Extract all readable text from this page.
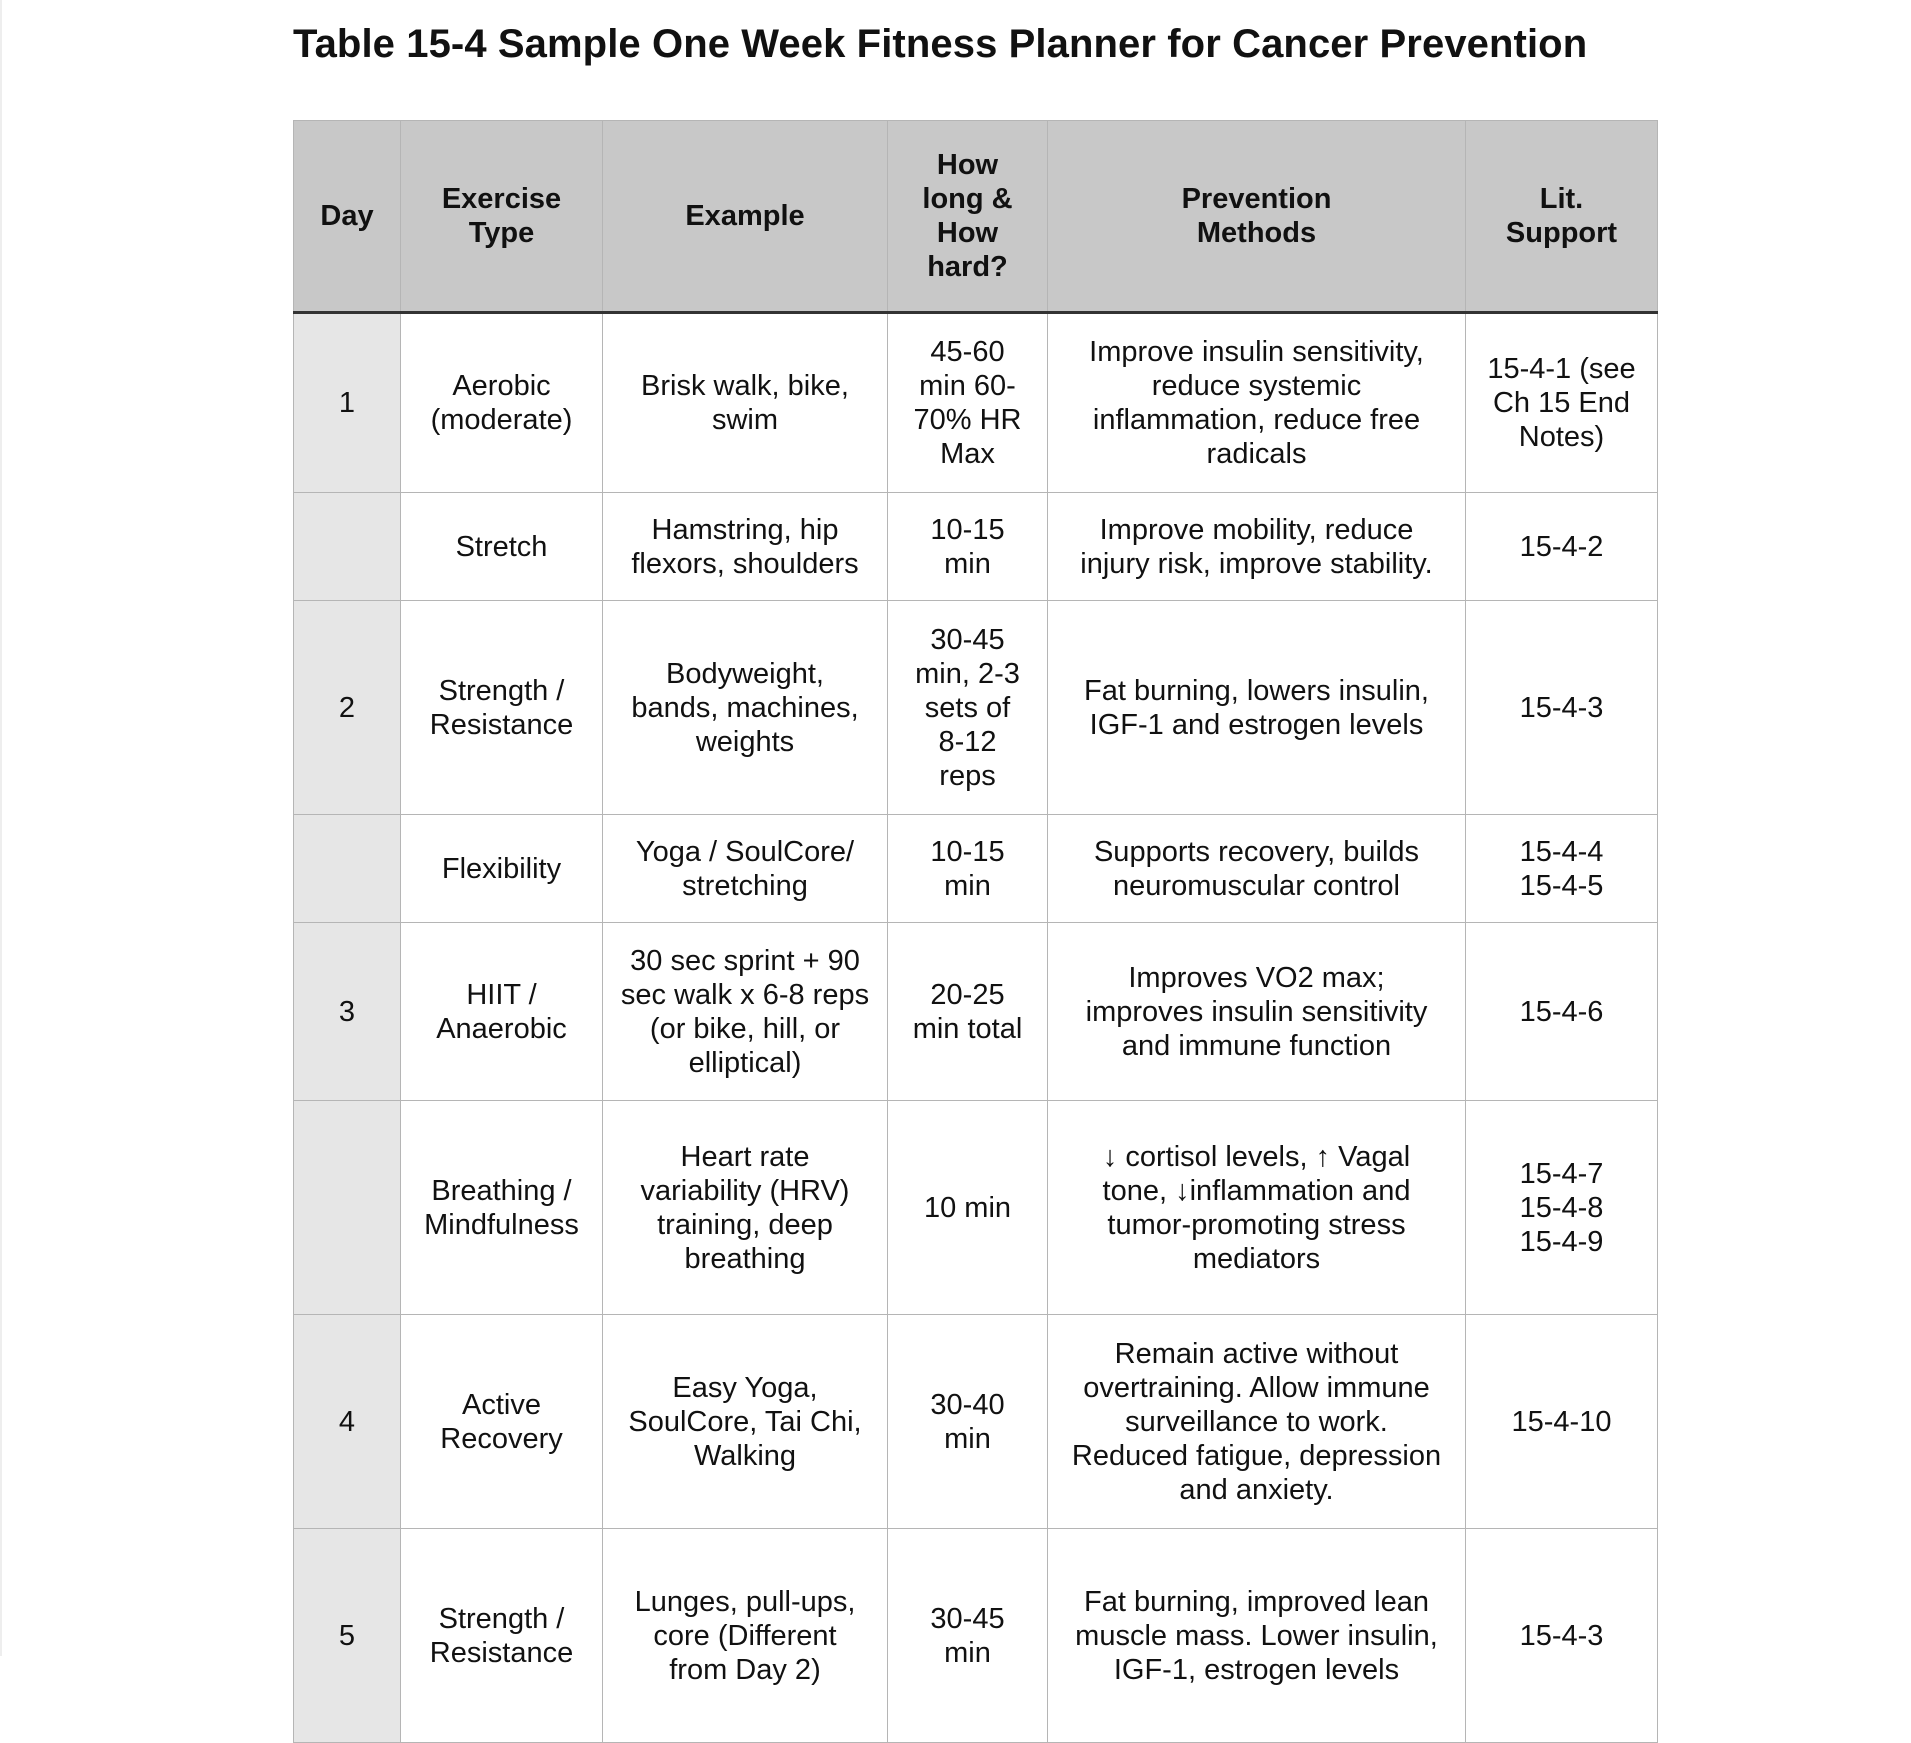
Table 15-4 Sample One Week Fitness Planner for Cancer Prevention
Day	Exercise Type	Example	How long & How hard?	Prevention Methods	Lit. Support
1	Aerobic (moderate)	Brisk walk, bike, swim	45-60 min 60-70% HR Max	Improve insulin sensitivity, reduce systemic inflammation, reduce free radicals	15-4-1 (see Ch 15 End Notes)
	Stretch	Hamstring, hip flexors, shoulders	10-15 min	Improve mobility, reduce injury risk, improve stability.	15-4-2
2	Strength / Resistance	Bodyweight, bands, machines, weights	30-45 min, 2-3 sets of 8-12 reps	Fat burning, lowers insulin, IGF-1 and estrogen levels	15-4-3
	Flexibility	Yoga / SoulCore/ stretching	10-15 min	Supports recovery, builds neuromuscular control	15-4-4 15-4-5
3	HIIT / Anaerobic	30 sec sprint + 90 sec walk x 6-8 reps (or bike, hill, or elliptical)	20-25 min total	Improves VO2 max; improves insulin sensitivity and immune function	15-4-6
	Breathing / Mindfulness	Heart rate variability (HRV) training, deep breathing	10 min	↓ cortisol levels, ↑ Vagal tone, ↓inflammation and tumor-promoting stress mediators	15-4-7 15-4-8 15-4-9
4	Active Recovery	Easy Yoga, SoulCore, Tai Chi, Walking	30-40 min	Remain active without overtraining. Allow immune surveillance to work. Reduced fatigue, depression and anxiety.	15-4-10
5	Strength / Resistance	Lunges, pull-ups, core (Different from Day 2)	30-45 min	Fat burning, improved lean muscle mass. Lower insulin, IGF-1, estrogen levels	15-4-3
